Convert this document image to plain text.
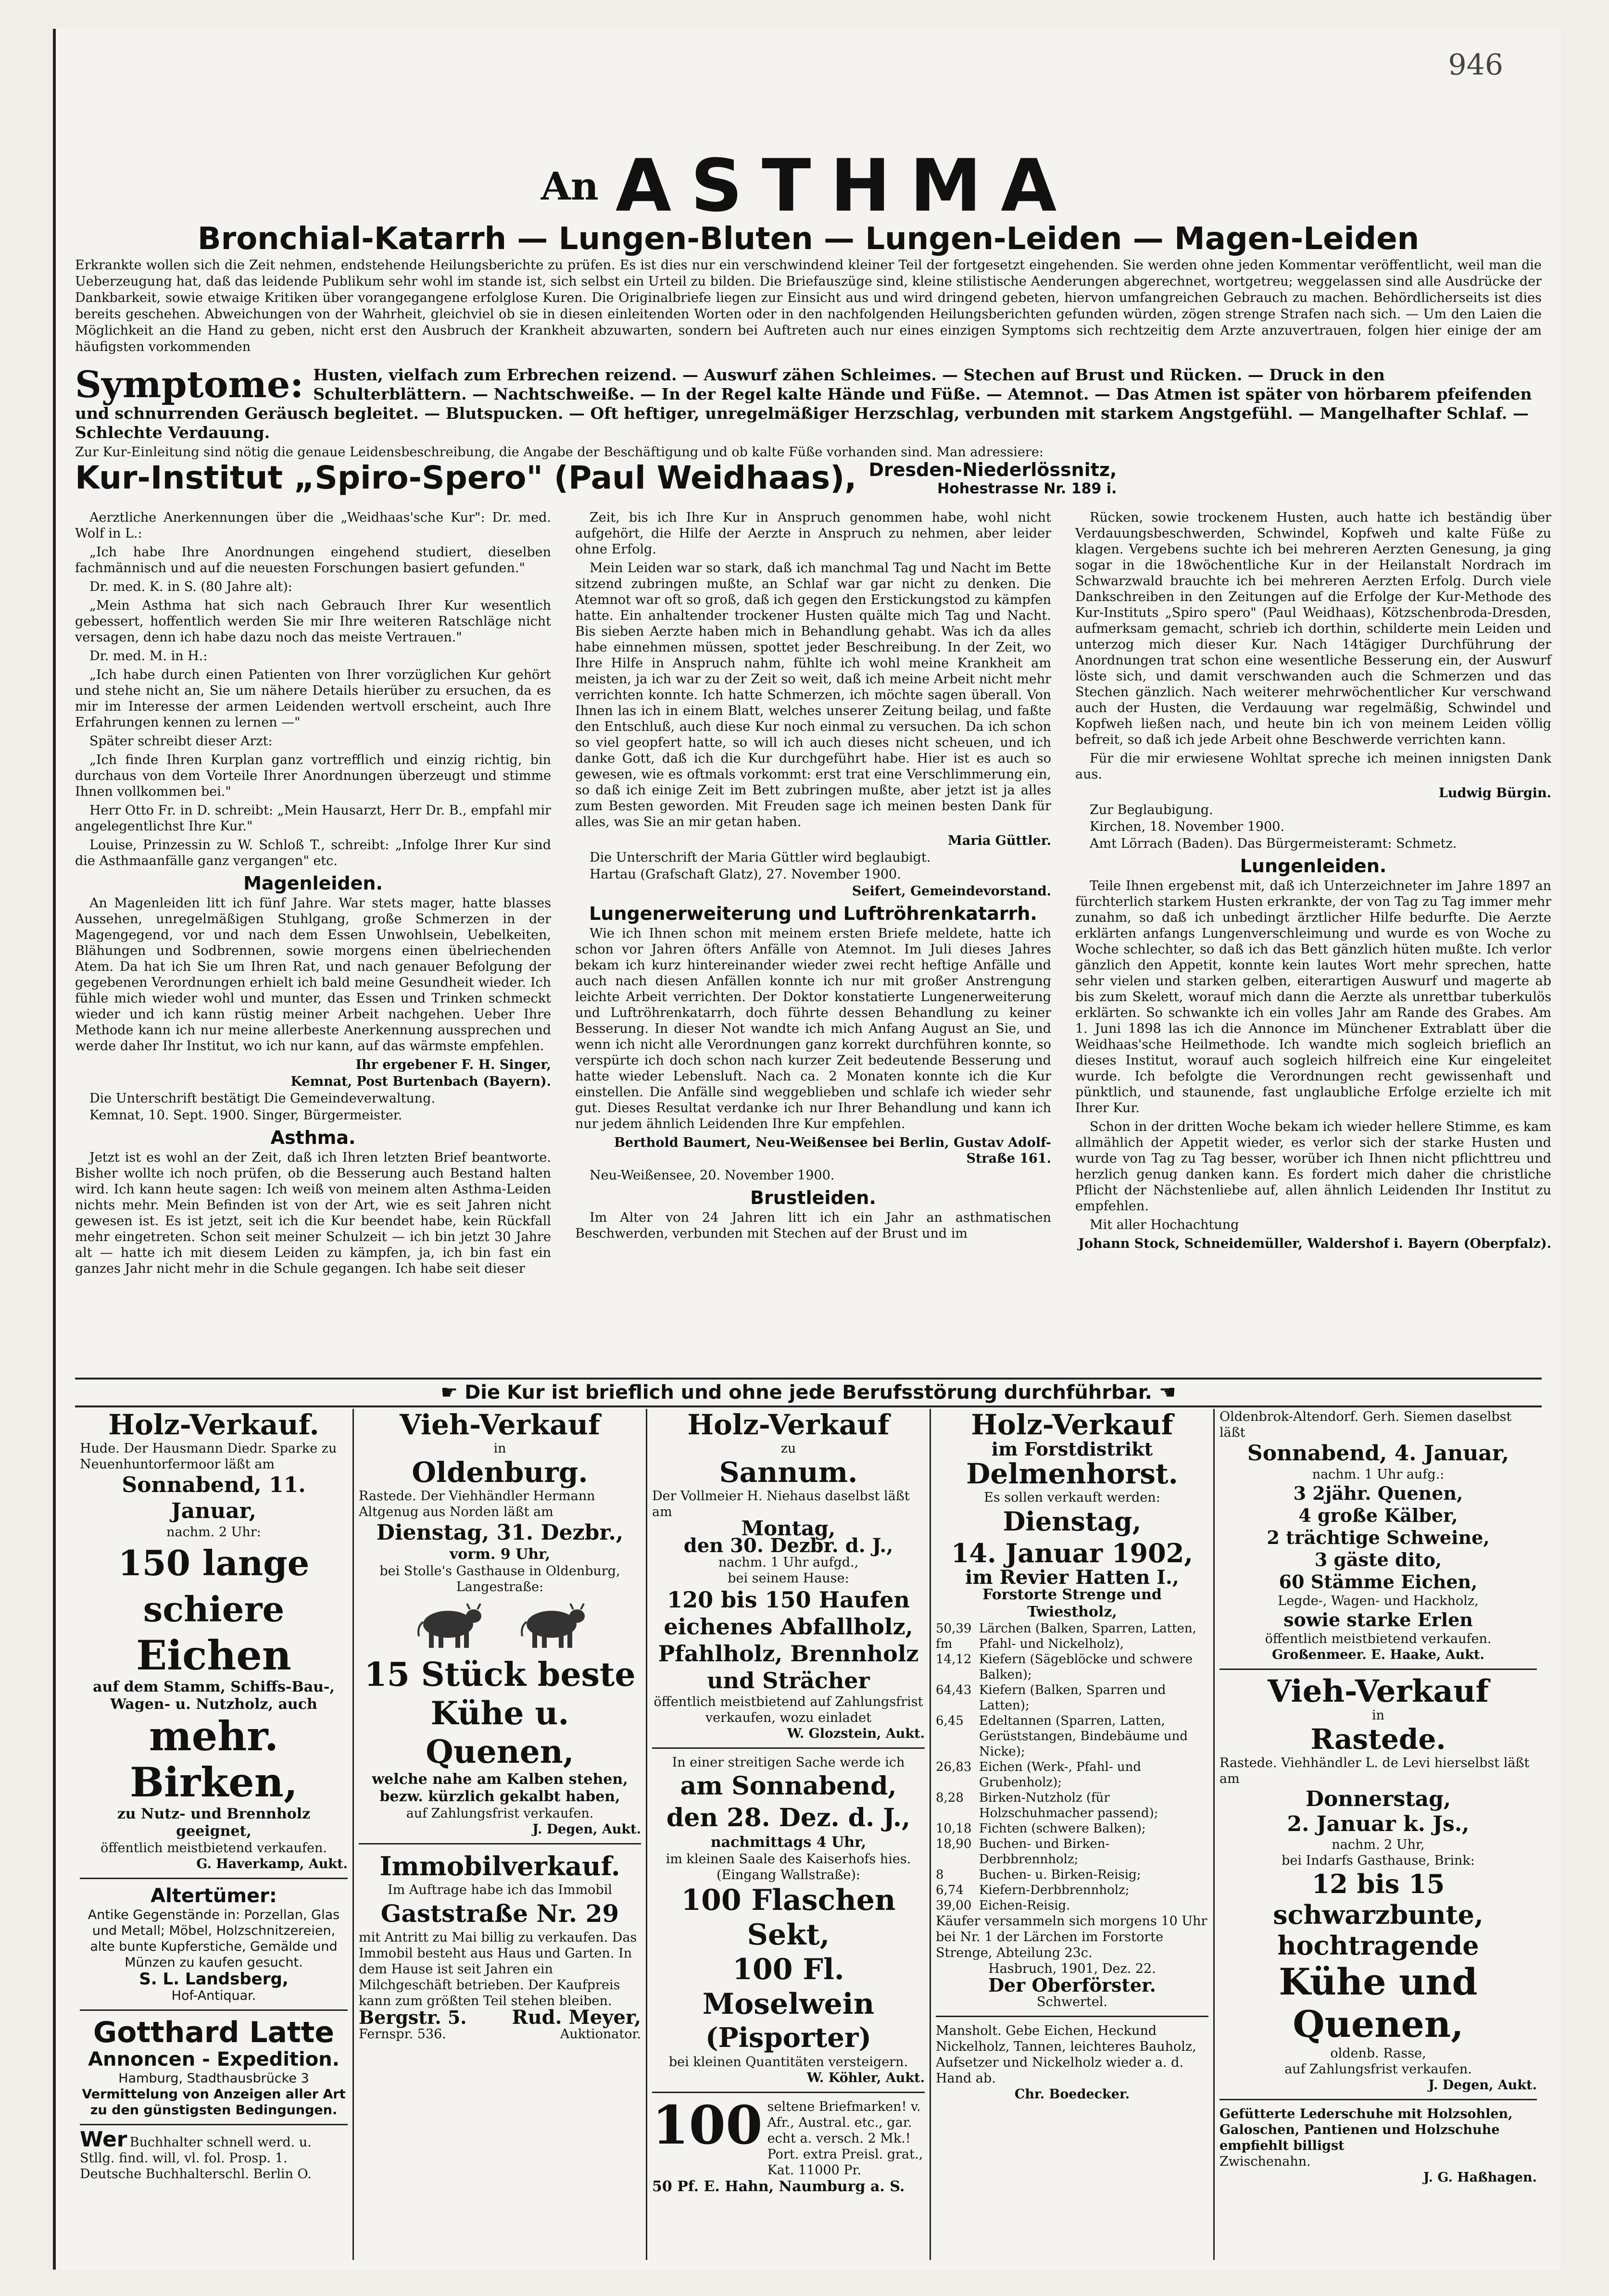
946
An ASTHMA
Bronchial-Katarrh — Lungen-Bluten — Lungen-Leiden — Magen-Leiden
Erkrankte wollen sich die Zeit nehmen, endstehende Heilungsberichte zu prüfen. Es ist dies nur ein verschwindend kleiner Teil der fortgesetzt eingehenden. Sie werden ohne jeden Kommentar veröffentlicht, weil man die Ueberzeugung hat, daß das leidende Publikum sehr wohl im stande ist, sich selbst ein Urteil zu bilden. Die Briefauszüge sind, kleine stilistische Aenderungen abgerechnet, wortgetreu; weggelassen sind alle Ausdrücke der Dankbarkeit, sowie etwaige Kritiken über vorangegangene erfolglose Kuren. Die Originalbriefe liegen zur Einsicht aus und wird dringend gebeten, hiervon umfangreichen Gebrauch zu machen. Behördlicherseits ist dies bereits geschehen. Abweichungen von der Wahrheit, gleichviel ob sie in diesen einleitenden Worten oder in den nachfolgenden Heilungsberichten gefunden würden, zögen strenge Strafen nach sich. — Um den Laien die Möglichkeit an die Hand zu geben, nicht erst den Ausbruch der Krankheit abzuwarten, sondern bei Auftreten auch nur eines einzigen Symptoms sich rechtzeitig dem Arzte anzuvertrauen, folgen hier einige der am häufigsten vorkommenden
Symptome: Husten, vielfach zum Erbrechen reizend. — Auswurf zähen Schleimes. — Stechen auf Brust und Rücken. — Druck in den Schulterblättern. — Nachtschweiße. — In der Regel kalte Hände und Füße. — Atemnot. — Das Atmen ist später von hörbarem pfeifenden und schnurrenden Geräusch begleitet. — Blutspucken. — Oft heftiger, unregelmäßiger Herzschlag, verbunden mit starkem Angstgefühl. — Mangelhafter Schlaf. — Schlechte Verdauung.
Zur Kur-Einleitung sind nötig die genaue Leidensbeschreibung, die Angabe der Beschäftigung und ob kalte Füße vorhanden sind. Man adressiere:
Kur-Institut „Spiro-Spero" (Paul Weidhaas), Dresden-Niederlössnitz,
Hohestrasse Nr. 189 i.

Aerztliche Anerkennungen über die „Weidhaas'sche Kur": Dr. med. Wolf in L.:

„Ich habe Ihre Anordnungen eingehend studiert, dieselben fachmännisch und auf die neuesten Forschungen basiert gefunden."

Dr. med. K. in S. (80 Jahre alt):

„Mein Asthma hat sich nach Gebrauch Ihrer Kur wesentlich gebessert, hoffentlich werden Sie mir Ihre weiteren Ratschläge nicht versagen, denn ich habe dazu noch das meiste Vertrauen."

Dr. med. M. in H.:

„Ich habe durch einen Patienten von Ihrer vorzüglichen Kur gehört und stehe nicht an, Sie um nähere Details hierüber zu ersuchen, da es mir im Interesse der armen Leidenden wertvoll erscheint, auch Ihre Erfahrungen kennen zu lernen —"

Später schreibt dieser Arzt:

„Ich finde Ihren Kurplan ganz vortrefflich und einzig richtig, bin durchaus von dem Vorteile Ihrer Anordnungen überzeugt und stimme Ihnen vollkommen bei."

Herr Otto Fr. in D. schreibt: „Mein Hausarzt, Herr Dr. B., empfahl mir angelegentlichst Ihre Kur."

Louise, Prinzessin zu W. Schloß T., schreibt: „Infolge Ihrer Kur sind die Asthmaanfälle ganz vergangen" etc.

Magenleiden.

An Magenleiden litt ich fünf Jahre. War stets mager, hatte blasses Aussehen, unregelmäßigen Stuhlgang, große Schmerzen in der Magengegend, vor und nach dem Essen Unwohlsein, Uebelkeiten, Blähungen und Sodbrennen, sowie morgens einen übelriechenden Atem. Da hat ich Sie um Ihren Rat, und nach genauer Befolgung der gegebenen Verordnungen erhielt ich bald meine Gesundheit wieder. Ich fühle mich wieder wohl und munter, das Essen und Trinken schmeckt wieder und ich kann rüstig meiner Arbeit nachgehen. Ueber Ihre Methode kann ich nur meine allerbeste Anerkennung aussprechen und werde daher Ihr Institut, wo ich nur kann, auf das wärmste empfehlen.

Ihr ergebener F. H. Singer,
Kemnat, Post Burtenbach (Bayern).
Die Unterschrift bestätigt Die Gemeindeverwaltung.
Kemnat, 10. Sept. 1900. Singer, Bürgermeister.
Asthma.

Jetzt ist es wohl an der Zeit, daß ich Ihren letzten Brief beantworte. Bisher wollte ich noch prüfen, ob die Besserung auch Bestand halten wird. Ich kann heute sagen: Ich weiß von meinem alten Asthma-Leiden nichts mehr. Mein Befinden ist von der Art, wie es seit Jahren nicht gewesen ist. Es ist jetzt, seit ich die Kur beendet habe, kein Rückfall mehr eingetreten. Schon seit meiner Schulzeit — ich bin jetzt 30 Jahre alt — hatte ich mit diesem Leiden zu kämpfen, ja, ich bin fast ein ganzes Jahr nicht mehr in die Schule gegangen. Ich habe seit dieser

Zeit, bis ich Ihre Kur in Anspruch genommen habe, wohl nicht aufgehört, die Hilfe der Aerzte in Anspruch zu nehmen, aber leider ohne Erfolg.

Mein Leiden war so stark, daß ich manchmal Tag und Nacht im Bette sitzend zubringen mußte, an Schlaf war gar nicht zu denken. Die Atemnot war oft so groß, daß ich gegen den Erstickungstod zu kämpfen hatte. Ein anhaltender trockener Husten quälte mich Tag und Nacht. Bis sieben Aerzte haben mich in Behandlung gehabt. Was ich da alles habe einnehmen müssen, spottet jeder Beschreibung. In der Zeit, wo Ihre Hilfe in Anspruch nahm, fühlte ich wohl meine Krankheit am meisten, ja ich war zu der Zeit so weit, daß ich meine Arbeit nicht mehr verrichten konnte. Ich hatte Schmerzen, ich möchte sagen überall. Von Ihnen las ich in einem Blatt, welches unserer Zeitung beilag, und faßte den Entschluß, auch diese Kur noch einmal zu versuchen. Da ich schon so viel geopfert hatte, so will ich auch dieses nicht scheuen, und ich danke Gott, daß ich die Kur durchgeführt habe. Hier ist es auch so gewesen, wie es oftmals vorkommt: erst trat eine Verschlimmerung ein, so daß ich einige Zeit im Bett zubringen mußte, aber jetzt ist ja alles zum Besten geworden. Mit Freuden sage ich meinen besten Dank für alles, was Sie an mir getan haben.

Maria Güttler.
Die Unterschrift der Maria Güttler wird beglaubigt.
Hartau (Grafschaft Glatz), 27. November 1900.
Seifert, Gemeindevorstand.
Lungenerweiterung und Luftröhrenkatarrh.

Wie ich Ihnen schon mit meinem ersten Briefe meldete, hatte ich schon vor Jahren öfters Anfälle von Atemnot. Im Juli dieses Jahres bekam ich kurz hintereinander wieder zwei recht heftige Anfälle und auch nach diesen Anfällen konnte ich nur mit großer Anstrengung leichte Arbeit verrichten. Der Doktor konstatierte Lungenerweiterung und Luftröhrenkatarrh, doch führte dessen Behandlung zu keiner Besserung. In dieser Not wandte ich mich Anfang August an Sie, und wenn ich nicht alle Verordnungen ganz korrekt durchführen konnte, so verspürte ich doch schon nach kurzer Zeit bedeutende Besserung und hatte wieder Lebensluft. Nach ca. 2 Monaten konnte ich die Kur einstellen. Die Anfälle sind weggeblieben und schlafe ich wieder sehr gut. Dieses Resultat verdanke ich nur Ihrer Behandlung und kann ich nur jedem ähnlich Leidenden Ihre Kur empfehlen.

Berthold Baumert, Neu-Weißensee bei Berlin, Gustav Adolf-Straße 161.
Neu-Weißensee, 20. November 1900.
Brustleiden.

Im Alter von 24 Jahren litt ich ein Jahr an asthmatischen Beschwerden, verbunden mit Stechen auf der Brust und im

Rücken, sowie trockenem Husten, auch hatte ich beständig über Verdauungsbeschwerden, Schwindel, Kopfweh und kalte Füße zu klagen. Vergebens suchte ich bei mehreren Aerzten Genesung, ja ging sogar in die 18wöchentliche Kur in der Heilanstalt Nordrach im Schwarzwald brauchte ich bei mehreren Aerzten Erfolg. Durch viele Dankschreiben in den Zeitungen auf die Erfolge der Kur-Methode des Kur-Instituts „Spiro spero" (Paul Weidhaas), Kötzschenbroda-Dresden, aufmerksam gemacht, schrieb ich dorthin, schilderte mein Leiden und unterzog mich dieser Kur. Nach 14tägiger Durchführung der Anordnungen trat schon eine wesentliche Besserung ein, der Auswurf löste sich, und damit verschwanden auch die Schmerzen und das Stechen gänzlich. Nach weiterer mehrwöchentlicher Kur verschwand auch der Husten, die Verdauung war regelmäßig, Schwindel und Kopfweh ließen nach, und heute bin ich von meinem Leiden völlig befreit, so daß ich jede Arbeit ohne Beschwerde verrichten kann.

Für die mir erwiesene Wohltat spreche ich meinen innigsten Dank aus.

Ludwig Bürgin.
Zur Beglaubigung.
Kirchen, 18. November 1900.
Amt Lörrach (Baden). Das Bürgermeisteramt: Schmetz.
Lungenleiden.

Teile Ihnen ergebenst mit, daß ich Unterzeichneter im Jahre 1897 an fürchterlich starkem Husten erkrankte, der von Tag zu Tag immer mehr zunahm, so daß ich unbedingt ärztlicher Hilfe bedurfte. Die Aerzte erklärten anfangs Lungenverschleimung und wurde es von Woche zu Woche schlechter, so daß ich das Bett gänzlich hüten mußte. Ich verlor gänzlich den Appetit, konnte kein lautes Wort mehr sprechen, hatte sehr vielen und starken gelben, eiterartigen Auswurf und magerte ab bis zum Skelett, worauf mich dann die Aerzte als unrettbar tuberkulös erklärten. So schwankte ich ein volles Jahr am Rande des Grabes. Am 1. Juni 1898 las ich die Annonce im Münchener Extrablatt über die Weidhaas'sche Heilmethode. Ich wandte mich sogleich brieflich an dieses Institut, worauf auch sogleich hilfreich eine Kur eingeleitet wurde. Ich befolgte die Verordnungen recht gewissenhaft und pünktlich, und staunende, fast unglaubliche Erfolge erzielte ich mit Ihrer Kur.

Schon in der dritten Woche bekam ich wieder hellere Stimme, es kam allmählich der Appetit wieder, es verlor sich der starke Husten und wurde von Tag zu Tag besser, worüber ich Ihnen nicht pflichttreu und herzlich genug danken kann. Es fordert mich daher die christliche Pflicht der Nächstenliebe auf, allen ähnlich Leidenden Ihr Institut zu empfehlen.

Mit aller Hochachtung

Johann Stock, Schneidemüller, Waldershof i. Bayern (Oberpfalz).
☛ Die Kur ist brieflich und ohne jede Berufsstörung durchführbar. ☚
Holz-Verkauf.
Hude. Der Hausmann Diedr. Sparke zu Neuenhuntorfermoor läßt am
Sonnabend, 11. Januar,
nachm. 2 Uhr:
150 lange schiere
Eichen
auf dem Stamm, Schiffs-Bau-, Wagen- u. Nutzholz, auch
mehr. Birken,
zu Nutz- und Brennholz geeignet,
öffentlich meistbietend verkaufen.
G. Haverkamp, Aukt.
Altertümer:
Antike Gegenstände in: Porzellan, Glas und Metall; Möbel, Holzschnitzereien, alte bunte Kupferstiche, Gemälde und Münzen zu kaufen gesucht.
S. L. Landsberg,
Hof-Antiquar.
Gotthard Latte
Annoncen - Expedition.
Hamburg, Stadthausbrücke 3
Vermittelung von Anzeigen aller Art zu den günstigsten Bedingungen.
Wer Buchhalter schnell werd. u. Stllg. find. will, vl. fol. Prosp. 1. Deutsche Buchhalterschl. Berlin O.
Vieh-Verkauf
in
Oldenburg.
Rastede. Der Viehhändler Hermann Altgenug aus Norden läßt am
Dienstag, 31. Dezbr.,
vorm. 9 Uhr,
bei Stolle's Gasthause in Oldenburg, Langestraße:

15 Stück beste
Kühe u. Quenen,
welche nahe am Kalben stehen, bezw. kürzlich gekalbt haben,
auf Zahlungsfrist verkaufen.
J. Degen, Aukt.
Immobilverkauf.
Im Auftrage habe ich das Immobil
Gaststraße Nr. 29
mit Antritt zu Mai billig zu verkaufen. Das Immobil besteht aus Haus und Garten. In dem Hause ist seit Jahren ein Milchgeschäft betrieben. Der Kaufpreis kann zum größten Teil stehen bleiben.
Bergstr. 5. Rud. Meyer,
Fernspr. 536.	Auktionator.
Holz-Verkauf
zu
Sannum.
Der Vollmeier H. Niehaus daselbst läßt am
Montag,
den 30. Dezbr. d. J.,
nachm. 1 Uhr aufgd.,
bei seinem Hause:
120 bis 150 Haufen eichenes Abfallholz, Pfahlholz, Brennholz und Strächer
öffentlich meistbietend auf Zahlungsfrist verkaufen, wozu einladet
W. Glozstein, Aukt.
In einer streitigen Sache werde ich
am Sonnabend,
den 28. Dez. d. J.,
nachmittags 4 Uhr,
im kleinen Saale des Kaiserhofs hies. (Eingang Wallstraße):
100 Flaschen Sekt,
100 Fl. Moselwein
(Pisporter)
bei kleinen Quantitäten versteigern.
W. Köhler, Aukt.
100 seltene Briefmarken! v. Afr., Austral. etc., gar. echt a. versch. 2 Mk.! Port. extra Preisl. grat., Kat. 11000 Pr.
50 Pf. E. Hahn, Naumburg a. S.
Holz-Verkauf
im Forstdistrikt
Delmenhorst.
Es sollen verkauft werden:
Dienstag,
14. Januar 1902,
im Revier Hatten I.,
Forstorte Strenge und Twiestholz,
50,39 fm
Lärchen (Balken, Sparren, Latten, Pfahl- und Nickelholz),
14,12 Kiefern (Sägeblöcke und schwere Balken);
64,43 Kiefern (Balken, Sparren und Latten);
6,45	Edeltannen (Sparren, Latten, Gerüststangen, Bindebäume und Nicke);
26,83 Eichen (Werk-, Pfahl- und Grubenholz);
8,28	Birken-Nutzholz (für Holzschuhmacher passend);
10,18 Fichten (schwere Balken);
18,90 Buchen- und Birken-Derbbrennholz;
8	Buchen- u. Birken-Reisig;
6,74	Kiefern-Derbbrennholz;
39,00 Eichen-Reisig.
Käufer versammeln sich morgens 10 Uhr bei Nr. 1 der Lärchen im Forstorte Strenge, Abteilung 23c.
Hasbruch, 1901, Dez. 22.
Der Oberförster.
Schwertel.
Mansholt. Gebe Eichen, Heckund Nickelholz, Tannen, leichteres Bauholz, Aufsetzer und Nickelholz wieder a. d. Hand ab.
Chr. Boedecker.
Oldenbrok-Altendorf. Gerh. Siemen daselbst läßt
Sonnabend, 4. Januar,
nachm. 1 Uhr aufg.:
3 2jähr. Quenen,
4 große Kälber,
2 trächtige Schweine,
3 gäste dito,
60 Stämme Eichen,
Legde-, Wagen- und Hackholz,
sowie starke Erlen
öffentlich meistbietend verkaufen.
Großenmeer. E. Haake, Aukt.
Vieh-Verkauf
in
Rastede.
Rastede. Viehhändler L. de Levi hierselbst läßt am
Donnerstag,
2. Januar k. Js.,
nachm. 2 Uhr,
bei Indarfs Gasthause, Brink:
12 bis 15 schwarzbunte, hochtragende
Kühe und
Quenen,
oldenb. Rasse,
auf Zahlungsfrist verkaufen.
J. Degen, Aukt.
Gefütterte Lederschuhe mit Holzsohlen, Galoschen, Pantienen und Holzschuhe empfiehlt billigst
Zwischenahn.
J. G. Haßhagen.
